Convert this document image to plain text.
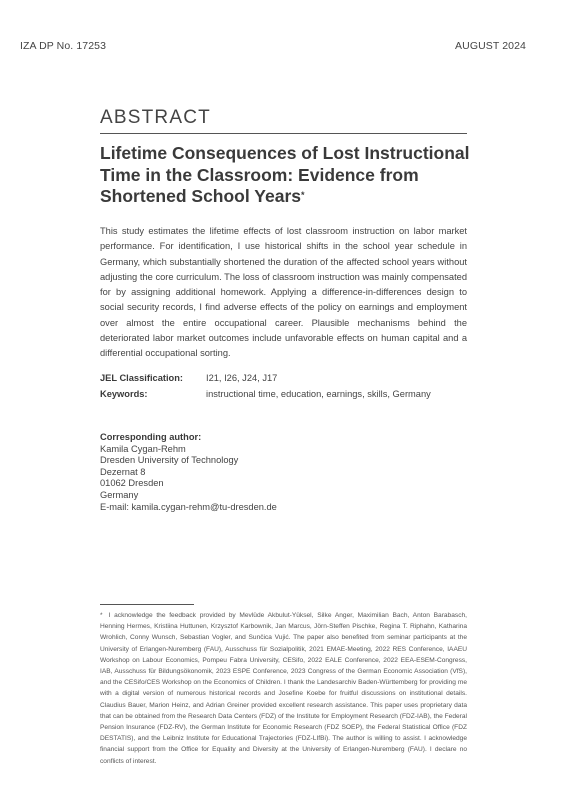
IZA DP No. 17253	AUGUST 2024
ABSTRACT
Lifetime Consequences of Lost Instructional Time in the Classroom: Evidence from Shortened School Years*

This study estimates the lifetime effects of lost classroom instruction on labor market performance. For identification, I use historical shifts in the school year schedule in Germany, which substantially shortened the duration of the affected school years without adjusting the core curriculum. The loss of classroom instruction was mainly compensated for by assigning additional homework. Applying a difference-in-differences design to social security records, I find adverse effects of the policy on earnings and employment over almost the entire occupational career. Plausible mechanisms behind the deteriorated labor market outcomes include unfavorable effects on human capital and a differential occupational sorting.

JEL Classification: I21, I26, J24, J17
Keywords:	instructional time, education, earnings, skills, Germany
Corresponding author:
Kamila Cygan-Rehm
Dresden University of Technology
Dezernat 8
01062 Dresden
Germany
E-mail: kamila.cygan-rehm@tu-dresden.de

* I acknowledge the feedback provided by Mevlüde Akbulut-Yüksel, Silke Anger, Maximilian Bach, Anton Barabasch, Henning Hermes, Kristiina Huttunen, Krzysztof Karbownik, Jan Marcus, Jörn-Steffen Pischke, Regina T. Riphahn, Katharina Wrohlich, Conny Wunsch, Sebastian Vogler, and Sunčica Vujić. The paper also benefited from seminar participants at the University of Erlangen-Nuremberg (FAU), Ausschuss für Sozialpolitik, 2021 EMAE-Meeting, 2022 RES Conference, IAAEU Workshop on Labour Economics, Pompeu Fabra University, CESifo, 2022 EALE Conference, 2022 EEA-ESEM-Congress, IAB, Ausschuss für Bildungsökonomik, 2023 ESPE Conference, 2023 Congress of the German Economic Association (VfS), and the CESifo/CES Workshop on the Economics of Children. I thank the Landesarchiv Baden-Württemberg for providing me with a digital version of numerous historical records and Josefine Koebe for fruitful discussions on institutional details. Claudius Bauer, Marion Heinz, and Adrian Greiner provided excellent research assistance. This paper uses proprietary data that can be obtained from the Research Data Centers (FDZ) of the Institute for Employment Research (FDZ-IAB), the Federal Pension Insurance (FDZ-RV), the German Institute for Economic Research (FDZ SOEP), the Federal Statistical Office (FDZ DESTATIS), and the Leibniz Institute for Educational Trajectories (FDZ-LIfBi). The author is willing to assist. I acknowledge financial support from the Office for Equality and Diversity at the University of Erlangen-Nuremberg (FAU). I declare no conflicts of interest.
